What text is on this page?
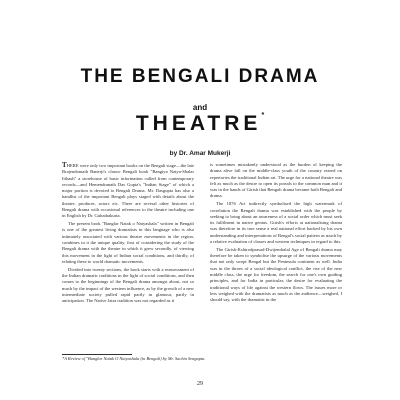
THE BENGALI DRAMA
and
THEATRE*
by Dr. Amar Mukerji

THERE were only two important books on the Bengali stage—the late Brajendranath Banerji's classic Bengali book "Bangiya Natya-Shalar Itihash" a storehouse of basic information culled from contemporary records—and Hemendranath Das Gupta's "Indian Stage" of which a major portion is devoted to Bengali Drama. Mr. Dasgupta has also a handlist of the important Bengali plays staged with details about the theatre, producer, actors etc. There are several other histories of Bengali drama with occasional references to the theatre including one in English by Dr. Guhathakurta.

The present book "Banglar Natak o Natyashala" written in Bengali is one of the greatest living dramatists in this language who is also intimately associated with various theatre movements in the region, combines in it the unique quality, first of considering the study of the Bengali drama with the theatre in which it grew secondly, of viewing this movement in the light of Indian social conditions, and thirdly, of relating these to world dramatic movements.

Divided into twenty sections, the book starts with a reassessment of the Indian dramatic traditions in the light of social conditions, and then comes to the beginnings of the Bengali drama amongst about, not so much by the impact of the western influence, as by the growth of a new intermediate society pulled rapid partly in glamour, partly in anticipation. The Native Jatra tradition was not regarded as it

is sometimes mistakenly understood as the burden of keeping the drama alive fall on the middle-class youth of the country reared on repertories the traditional Indian art. The urge for a national theatre was felt as much as the desire to open its portals to the common man and it was in the hands of Girish that Bengali drama became both Bengali and drama.

The 1876 Act indirectly symbolised the high watermark of correlation the Bengali drama was established with the people by seeking to bring about an awareness of a social order which must seek its fulfilment in native genius. Girish's efforts at nationalising drama was therefore in its true sense a real national effort backed by his own understanding and interpretations of Bengal's social pattern as much by a relative evaluation of classes and western techniques in regard to this.

The Girish-Kshirodprasad-Dwijendralal Age of Bengali drama may therefore be taken to symbolise the upsurge of the various movements that not only swept Bengal but the Peninsula continent as well. India was in the throes of a social ideological conflict, the rise of the new middle class, the urge for freedom, the search for one's own guiding principles, and for India in particular, the desire for evaluating the traditional ways of life against the western flows. The issues more or less weighed with the dramatists as much as the audience—weighed, I should say, with the dramatist in the

*A Review of "Banglar Natak O Natyashala (in Bengali) by Mr. Sachin Sengupta.
29
